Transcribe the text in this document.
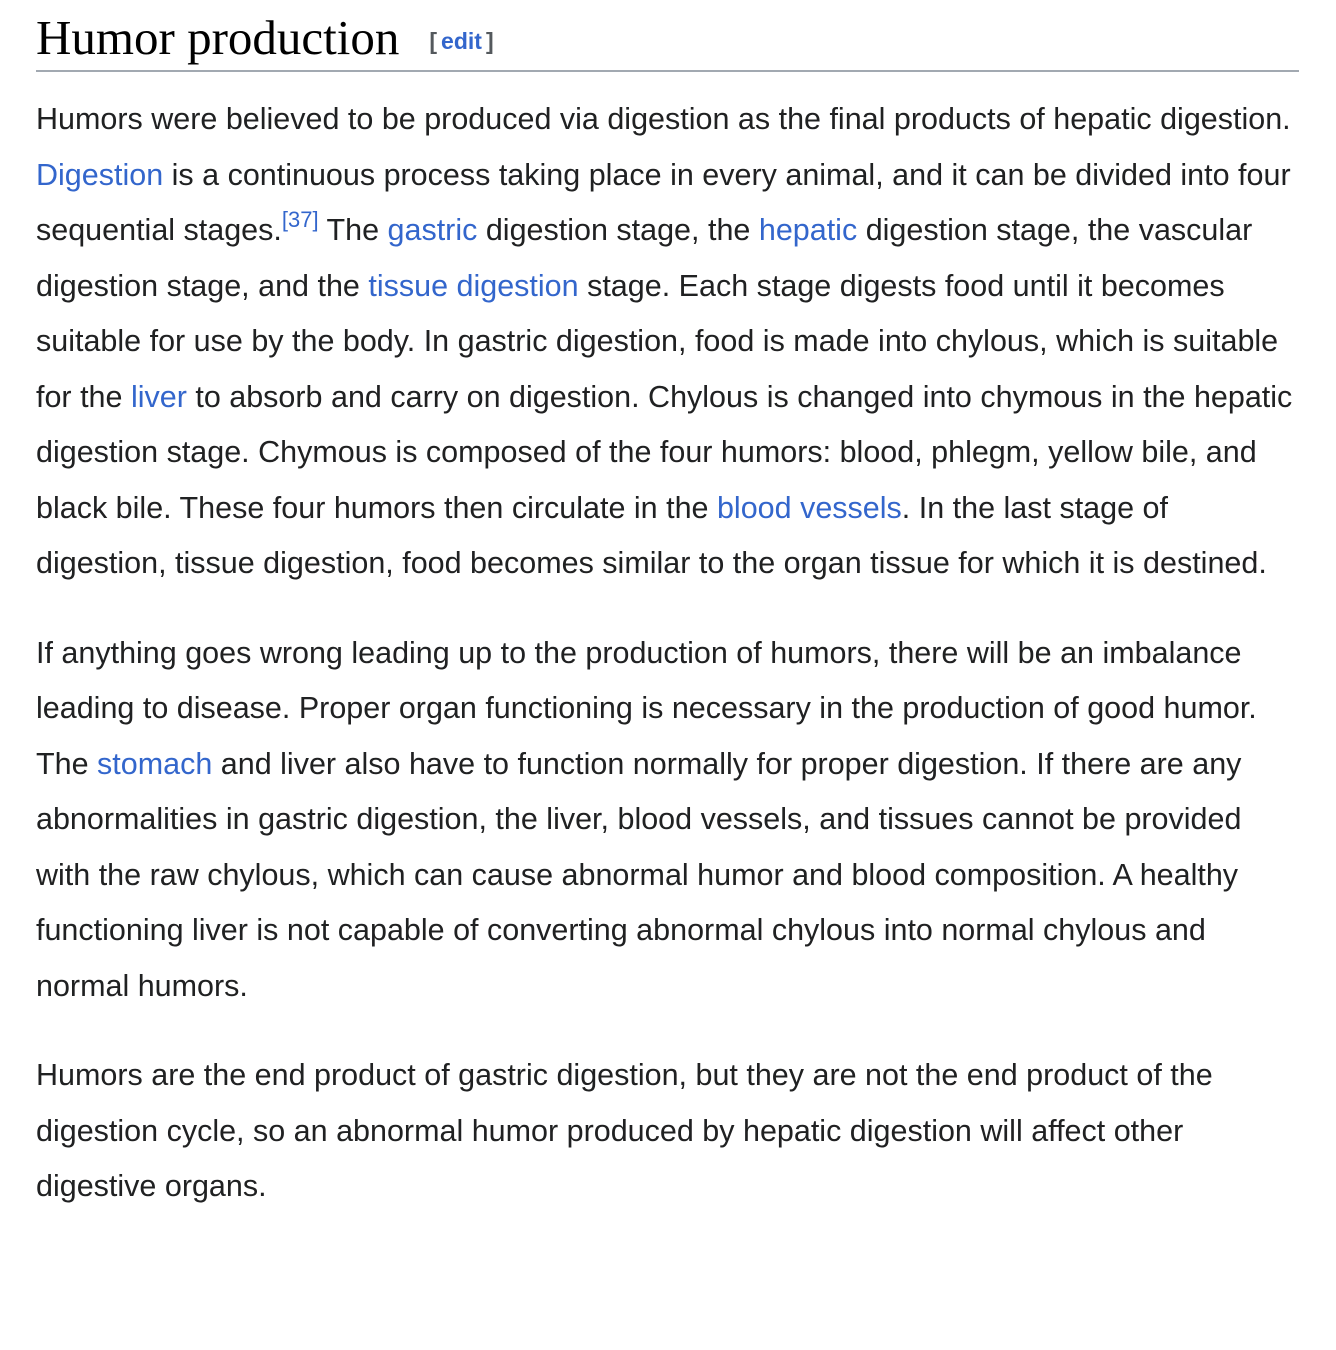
Humor production [ edit ]

Humors were believed to be produced via digestion as the final products of hepatic digestion. Digestion is a continuous process taking place in every animal, and it can be divided into four sequential stages.[37] The gastric digestion stage, the hepatic digestion stage, the vascular digestion stage, and the tissue digestion stage. Each stage digests food until it becomes suitable for use by the body. In gastric digestion, food is made into chylous, which is suitable for the liver to absorb and carry on digestion. Chylous is changed into chymous in the hepatic digestion stage. Chymous is composed of the four humors: blood, phlegm, yellow bile, and black bile. These four humors then circulate in the blood vessels. In the last stage of digestion, tissue digestion, food becomes similar to the organ tissue for which it is destined.

If anything goes wrong leading up to the production of humors, there will be an imbalance leading to disease. Proper organ functioning is necessary in the production of good humor. The stomach and liver also have to function normally for proper digestion. If there are any abnormalities in gastric digestion, the liver, blood vessels, and tissues cannot be provided with the raw chylous, which can cause abnormal humor and blood composition. A healthy functioning liver is not capable of converting abnormal chylous into normal chylous and normal humors.

Humors are the end product of gastric digestion, but they are not the end product of the digestion cycle, so an abnormal humor produced by hepatic digestion will affect other digestive organs.
